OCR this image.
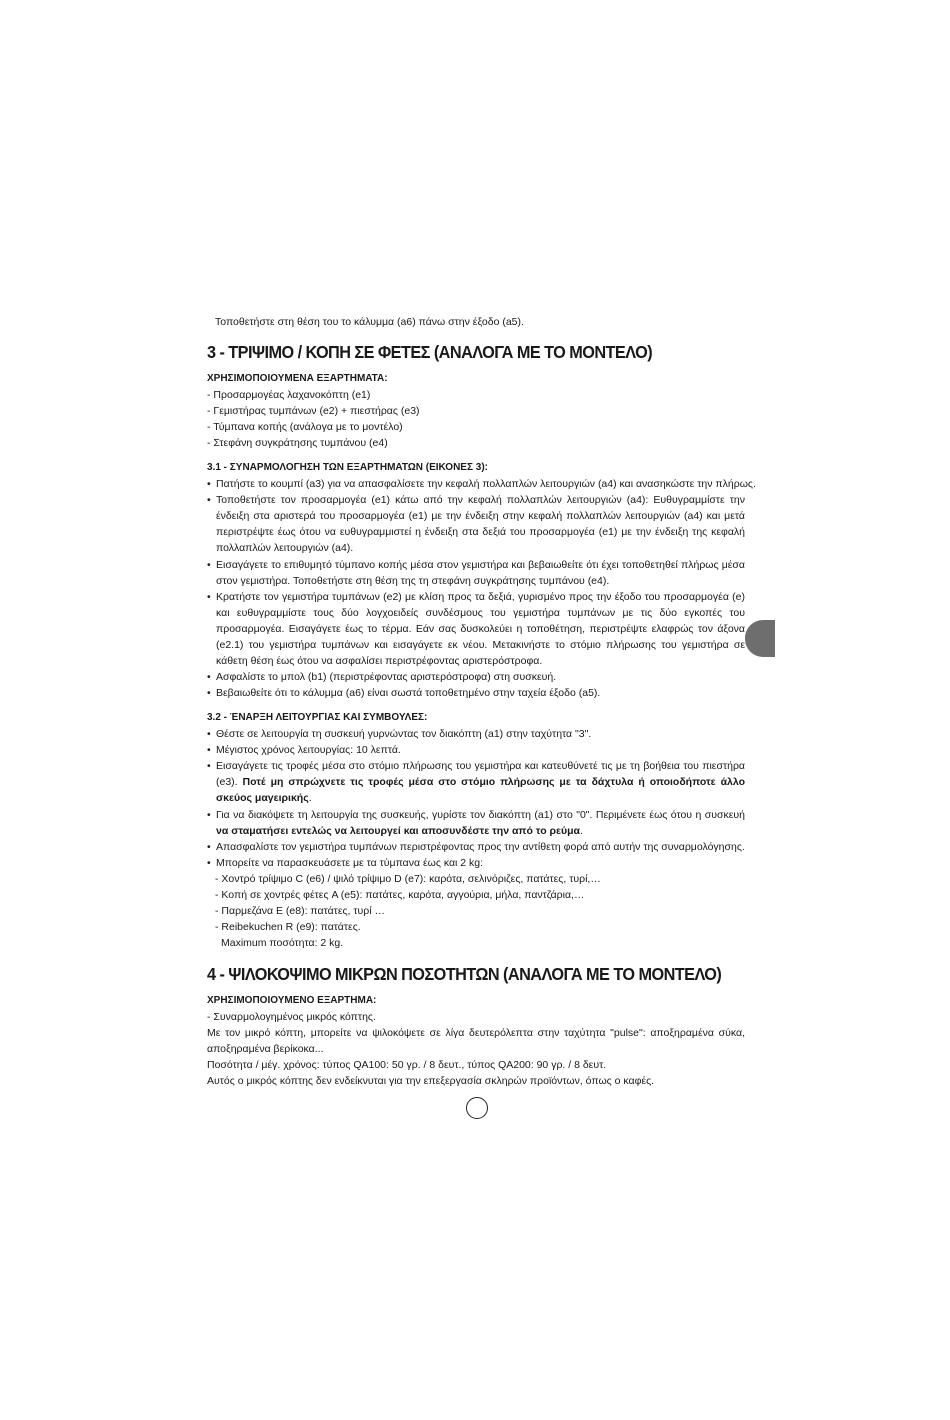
Τοποθετήστε στη θέση του το κάλυμμα (a6) πάνω στην έξοδο (a5).
3 - ΤΡΙΨΙΜΟ / ΚΟΠΗ ΣΕ ΦΕΤΕΣ (ΑΝΑΛΟΓΑ ΜΕ ΤΟ ΜΟΝΤΕΛΟ)

ΧΡΗΣΙΜΟΠΟΙΟΥΜΕΝΑ ΕΞΑΡΤΗΜΑΤΑ:

- Προσαρμογέας λαχανοκόπτη (e1)

- Γεμιστήρας τυμπάνων (e2) + πιεστήρας (e3)

- Τύμπανα κοπής (ανάλογα με το μοντέλο)

- Στεφάνη συγκράτησης τυμπάνου (e4)

3.1 - ΣΥΝΑΡΜΟΛΟΓΗΣΗ ΤΩΝ ΕΞΑΡΤΗΜΑΤΩΝ (ΕΙΚΟΝΕΣ 3):

• Πατήστε το κουμπί (a3) για να απασφαλίσετε την κεφαλή πολλαπλών λειτουργιών (a4) και ανασηκώστε την πλήρως.

• Τοποθετήστε τον προσαρμογέα (e1) κάτω από την κεφαλή πολλαπλών λειτουργιών (a4): Ευθυγραμμίστε την ένδειξη στα αριστερά του προσαρμογέα (e1) με την ένδειξη στην κεφαλή πολλαπλών λειτουργιών (a4) και μετά περιστρέψτε έως ότου να ευθυγραμμιστεί η ένδειξη στα δεξιά του προσαρμογέα (e1) με την ένδειξη της κεφαλή πολλαπλών λειτουργιών (a4).

• Εισαγάγετε το επιθυμητό τύμπανο κοπής μέσα στον γεμιστήρα και βεβαιωθείτε ότι έχει τοποθετηθεί πλήρως μέσα στον γεμιστήρα. Τοποθετήστε στη θέση της τη στεφάνη συγκράτησης τυμπάνου (e4).

• Κρατήστε τον γεμιστήρα τυμπάνων (e2) με κλίση προς τα δεξιά, γυρισμένο προς την έξοδο του προσαρμογέα (e) και ευθυγραμμίστε τους δύο λογχοειδείς συνδέσμους του γεμιστήρα τυμπάνων με τις δύο εγκοπές του προσαρμογέα. Εισαγάγετε έως το τέρμα. Εάν σας δυσκολεύει η τοποθέτηση, περιστρέψτε ελαφρώς τον άξονα (e2.1) του γεμιστήρα τυμπάνων και εισαγάγετε εκ νέου. Μετακινήστε το στόμιο πλήρωσης του γεμιστήρα σε κάθετη θέση έως ότου να ασφαλίσει περιστρέφοντας αριστερόστροφα.

• Ασφαλίστε το μπολ (b1) (περιστρέφοντας αριστερόστροφα) στη συσκευή.

• Βεβαιωθείτε ότι το κάλυμμα (a6) είναι σωστά τοποθετημένο στην ταχεία έξοδο (a5).

3.2 - ΈΝΑΡΞΗ ΛΕΙΤΟΥΡΓΙΑΣ ΚΑΙ ΣΥΜΒΟΥΛΕΣ:

• Θέστε σε λειτουργία τη συσκευή γυρνώντας τον διακόπτη (a1) στην ταχύτητα "3".

• Μέγιστος χρόνος λειτουργίας: 10 λεπτά.

• Εισαγάγετε τις τροφές μέσα στο στόμιο πλήρωσης του γεμιστήρα και κατευθύνετέ τις με τη βοήθεια του πιεστήρα (e3). Ποτέ μη σπρώχνετε τις τροφές μέσα στο στόμιο πλήρωσης με τα δάχτυλα ή οποιοδήποτε άλλο σκεύος μαγειρικής.

• Για να διακόψετε τη λειτουργία της συσκευής, γυρίστε τον διακόπτη (a1) στο "0". Περιμένετε έως ότου η συσκευή να σταματήσει εντελώς να λειτουργεί και αποσυνδέστε την από το ρεύμα.

• Απασφαλίστε τον γεμιστήρα τυμπάνων περιστρέφοντας προς την αντίθετη φορά από αυτήν της συναρμολόγησης.

• Μπορείτε να παρασκευάσετε με τα τύμπανα έως και 2 kg:

- Χοντρό τρίψιμο C (e6) / ψιλό τρίψιμο D (e7): καρότα, σελινόριζες, πατάτες, τυρί,…

- Κοπή σε χοντρές φέτες A (e5): πατάτες, καρότα, αγγούρια, μήλα, παντζάρια,…

- Παρμεζάνα E (e8): πατάτες, τυρί …

- Reibekuchen R (e9): πατάτες.

Maximum ποσότητα: 2 kg.

4 - ΨΙΛΟΚΟΨΙΜΟ ΜΙΚΡΩΝ ΠΟΣΟΤΗΤΩΝ (ΑΝΑΛΟΓΑ ΜΕ ΤΟ ΜΟΝΤΕΛΟ)

ΧΡΗΣΙΜΟΠΟΙΟΥΜΕΝΟ ΕΞΑΡΤΗΜΑ:

- Συναρμολογημένος μικρός κόπτης.

Με τον μικρό κόπτη, μπορείτε να ψιλοκόψετε σε λίγα δευτερόλεπτα στην ταχύτητα "pulse": αποξηραμένα σύκα, αποξηραμένα βερίκοκα...

Ποσότητα / μέγ. χρόνος: τύπος QA100: 50 γρ. / 8 δευτ., τύπος QA200: 90 γρ. / 8 δευτ.

Αυτός ο μικρός κόπτης δεν ενδείκνυται για την επεξεργασία σκληρών προϊόντων, όπως ο καφές.
